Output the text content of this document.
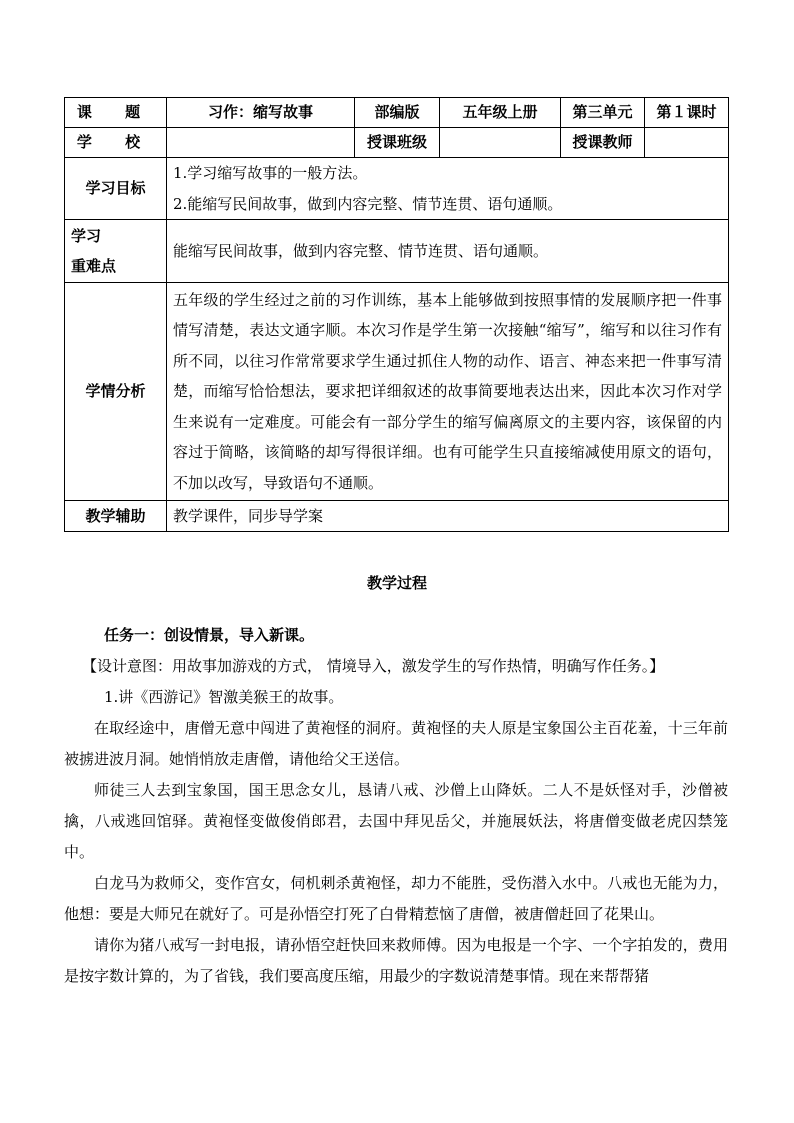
课 题	习作：缩写故事	部编版	五年级上册	第三单元	第１课时
学 校		授课班级		授课教师	
学习目标	1.学习缩写故事的一般方法。
2.能缩写民间故事，做到内容完整、情节连贯、语句通顺。				

学习
重难点	能缩写民间故事，做到内容完整、情节连贯、语句通顺。				

学情分析	五年级的学生经过之前的习作训练，基本上能够做到按照事情的发展顺序把一件事情写清楚，表达文通字顺。本次习作是学生第一次接触“缩写”，缩写和以往习作有所不同，以往习作常常要求学生通过抓住人物的动作、语言、神态来把一件事写清楚，而缩写恰恰想法，要求把详细叙述的故事简要地表达出来，因此本次习作对学生来说有一定难度。可能会有一部分学生的缩写偏离原文的主要内容，该保留的内容过于简略，该简略的却写得很详细。也有可能学生只直接缩减使用原文的语句，不加以改写，导致语句不通顺。				

教学辅助	教学课件，同步导学案				
教学过程

任务一：创设情景，导入新课。

【设计意图：用故事加游戏的方式， 情境导入，激发学生的写作热情，明确写作任务。】

1.讲《西游记》智激美猴王的故事。

在取经途中，唐僧无意中闯进了黄袍怪的洞府。黄袍怪的夫人原是宝象国公主百花羞，十三年前被掳进波月洞。她悄悄放走唐僧，请他给父王送信。

师徒三人去到宝象国，国王思念女儿，恳请八戒、沙僧上山降妖。二人不是妖怪对手，沙僧被擒，八戒逃回馆驿。黄袍怪变做俊俏郎君，去国中拜见岳父，并施展妖法，将唐僧变做老虎囚禁笼中。

白龙马为救师父，变作宫女，伺机刺杀黄袍怪，却力不能胜，受伤潜入水中。八戒也无能为力，他想：要是大师兄在就好了。可是孙悟空打死了白骨精惹恼了唐僧，被唐僧赶回了花果山。

请你为猪八戒写一封电报，请孙悟空赶快回来救师傅。因为电报是一个字、一个字拍发的，费用是按字数计算的，为了省钱，我们要高度压缩，用最少的字数说清楚事情。现在来帮帮猪
